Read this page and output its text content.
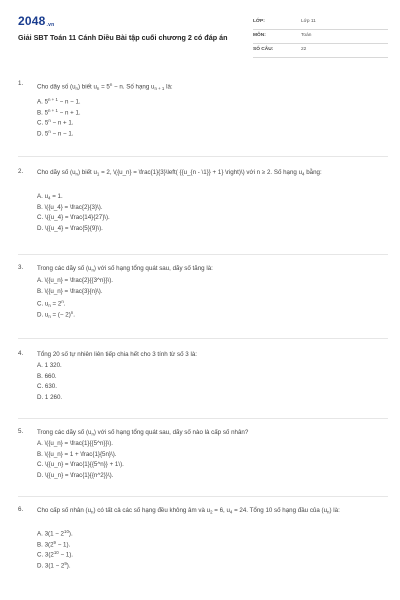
2048.vn
Giải SBT Toán 11 Cánh Diều Bài tập cuối chương 2 có đáp án
LỚP:	Lớp 11
MÔN:	Toán
SỐ CÂU:	22
1. Cho dãy số $(u_n)$ biết $u_n = 5^n - n$. Số hạng $u_{n + 1}$ là:
A. $5^{n + 1} - n - 1$.
B. $5^{n + 1} - n + 1$.
C. $5^n - n + 1$.
D. $5^n - n - 1$.
2. Cho dãy số $(u_n)$ biết $u_1 = 2$, \({u_n} = \frac{1}{3}\left( {{u_{n - \1}} + 1} \right)\) với n ≥ 2. Số hạng $u_4$ bằng:
A. $u_4 = 1$.
B. \({u_4} = \frac{2}{3}\).
C. \({u_4} = \frac{14}{27}\).
D. \({u_4} = \frac{5}{9}\).
3. Trong các dãy số $(u_n)$ với số hạng tổng quát sau, dãy số tăng là:
A. \({u_n} = \frac{2}{{3^n}}\).
B. \({u_n} = \frac{3}{n}\).
C. $u_n = 2^n$.
D. $u_n$ = (− 2)$^n$.
4. Tổng 20 số tự nhiên liên tiếp chia hết cho 3 tính từ số 3 là:
A. 1 320.
B. 660.
C. 630.
D. 1 260.
5. Trong các dãy số $(u_n)$ với số hạng tổng quát sau, dãy số nào là cấp số nhân?
A. \({u_n} = \frac{1}{{5^n}}\).
B. \({u_n} = 1 + \frac{1}{5n}\).
C. \({u_n} = \frac{1}{{5^n}} + 1\).
D. \({u_n} = \frac{1}{{n^2}}\).
6. Cho cấp số nhân $(u_n)$ có tất cả các số hạng đều không âm và $u_2 = 6$, $u_4 = 24$. Tổng 10 số hạng đầu của $(u_n)$ là:
A. $3(1 - 2^{10})$.
B. $3(2^9 - 1)$.
C. $3(2^{10} - 1)$.
D. $3(1 - 2^9)$.
